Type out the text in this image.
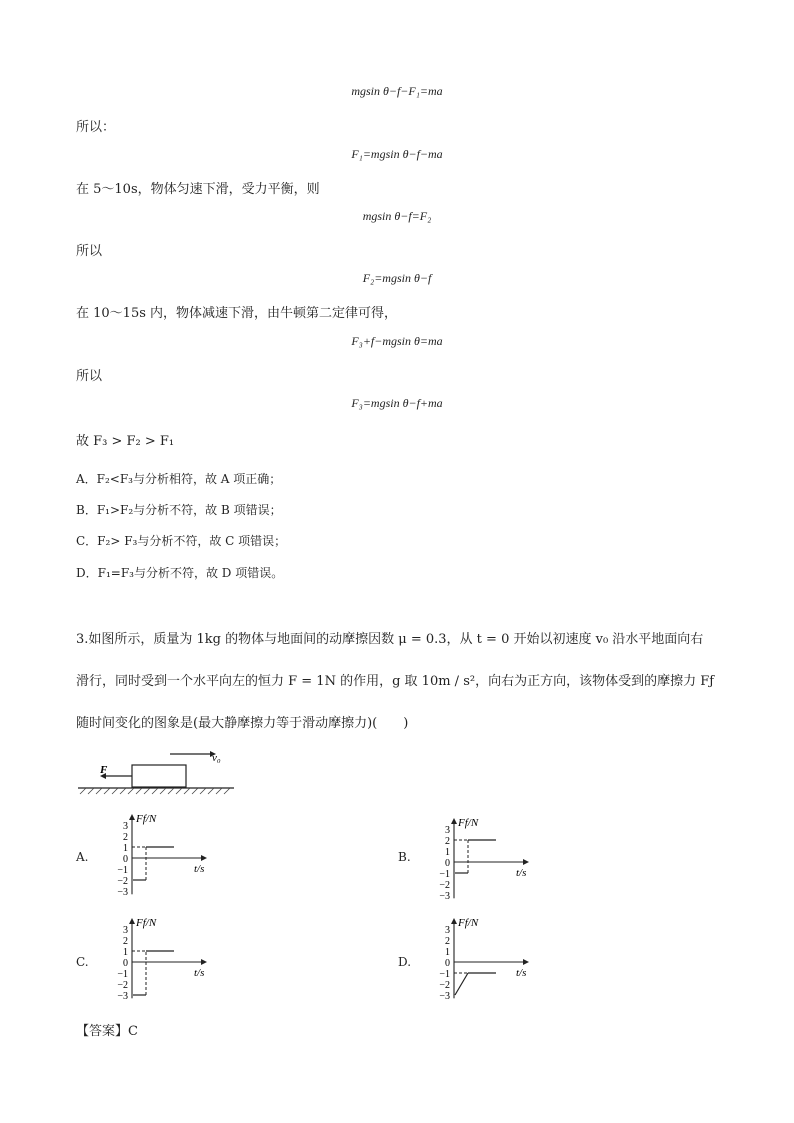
mgsin θ−f−F₁=ma
所以：
F₁=mgsin θ−f−ma
在 5～10s，物体匀速下滑，受力平衡，则
mgsin θ−f=F₂
所以
F₂=mgsin θ−f
在 10～15s 内，物体减速下滑，由牛顿第二定律可得，
F₃+f−mgsin θ=ma
所以
F₃=mgsin θ−f+ma
故 F₃ > F₂ > F₁
A．F₂<F₃与分析相符，故 A 项正确；
B．F₁>F₂与分析不符，故 B 项错误；
C．F₂> F₃与分析不符，故 C 项错误；
D．F₁=F₃与分析不符，故 D 项错误。
3.如图所示，质量为 1kg 的物体与地面间的动摩擦因数 μ = 0.3，从 t = 0 开始以初速度 v₀ 沿水平地面向右
滑行，同时受到一个水平向左的恒力 F = 1N 的作用，g 取 10m / s²，向右为正方向，该物体受到的摩擦力 Fƒ
随时间变化的图象是(最大静摩擦力等于滑动摩擦力)(　　)
v₀
F
A.	B.
C.	D.
3
2
1
0
−1
−2
−3
Ff/N
t/s
3
2
1
0
−1
−2
−3
Ff/N
t/s
3
2
1
0
−1
−2
−3
Ff/N
t/s
3
2
1
0
−1
−2
−3
Ff/N
t/s
【答案】C
